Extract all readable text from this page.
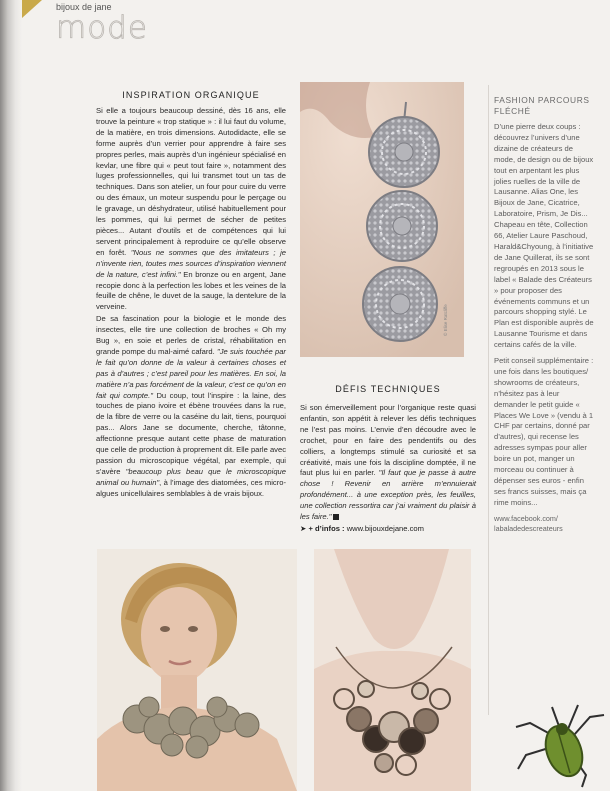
bijoux de jane
mode
INSPIRATION ORGANIQUE

Si elle a toujours beaucoup dessiné, dès 16 ans, elle trouve la peinture « trop statique » : il lui faut du volume, de la matière, en trois dimensions. Autodidacte, elle se forme auprès d’un verrier pour apprendre à faire ses propres perles, mais auprès d’un ingénieur spécialisé en kevlar, une fibre qui « peut tout faire », notamment des luges professionnelles, qui lui transmet tout un tas de techniques. Dans son atelier, un four pour cuire du verre ou des émaux, un moteur suspendu pour le perçage ou le gravage, un déshydrateur, utilisé habituellement pour les pommes, qui lui permet de sécher de petites pièces... Autant d’outils et de compétences qui lui servent principalement à reproduire ce qu’elle observe en forêt. "Nous ne sommes que des imitateurs ; je n’invente rien, toutes mes sources d’inspiration viennent de la nature, c’est infini." En bronze ou en argent, Jane recopie donc à la perfection les lobes et les veines de la feuille de chêne, le duvet de la sauge, la dentelure de la verveine.

De sa fascination pour la biologie et le monde des insectes, elle tire une collection de broches « Oh my Bug », en soie et perles de cristal, réhabilitation en grande pompe du mal-aimé cafard. "Je suis touchée par le fait qu’on donne de la valeur à certaines choses et pas à d’autres ; c’est pareil pour les matières. En soi, la matière n’a pas forcément de la valeur, c’est ce qu’on en fait qui compte." Du coup, tout l’inspire : la laine, des touches de piano ivoire et ébène trouvées dans la rue, de la fibre de verre ou la caséine du lait, tiens, pourquoi pas... Alors Jane se documente, cherche, tâtonne, affectionne presque autant cette phase de maturation que celle de production à proprement dit. Elle parle avec passion du microscopique végétal, par exemple, qui s’avère "beaucoup plus beau que le microscopique animal ou humain", à l’image des diatomées, ces micro-algues unicellulaires semblables à de vrais bijoux.

© Elise Ratcliffe
DÉFIS TECHNIQUES

Si son émerveillement pour l’organique reste quasi enfantin, son appétit à relever les défis techniques ne l’est pas moins. L’envie d’en découdre avec le crochet, pour en faire des pendentifs ou des colliers, a longtemps stimulé sa curiosité et sa créativité, mais une fois la discipline domptée, il ne faut plus lui en parler. "Il faut que je passe à autre chose ! Revenir en arrière m’ennuierait profondément... à une exception près, les feuilles, une collection ressortira car j’ai vraiment du plaisir à les faire."

➤ + d’infos : www.bijouxdejane.com
FASHION PARCOURS FLÉCHÉ

D’une pierre deux coups : découvrez l’univers d’une dizaine de créateurs de mode, de design ou de bijoux tout en arpentant les plus jolies ruelles de la ville de Lausanne. Alias One, les Bijoux de Jane, Cicatrice, Laboratoire, Prism, Je Dis... Chapeau en tête, Collection 66, Atelier Laure Paschoud, Harald&Chyoung, à l’initiative de Jane Quillerat, ils se sont regroupés en 2013 sous le label « Balade des Créateurs » pour proposer des événements communs et un parcours shopping stylé. Le Plan est disponible auprès de Lausanne Tourisme et dans certains cafés de la ville.

Petit conseil supplémentaire : une fois dans les boutiques/ showrooms de créateurs, n’hésitez pas à leur demander le petit guide « Places We Love » (vendu à 1 CHF par certains, donné par d’autres), qui recense les adresses sympas pour aller boire un pot, manger un morceau ou continuer à dépenser ses euros - enfin ses francs suisses, mais ça rime moins...

www.facebook.com/
labaladedescreateurs
